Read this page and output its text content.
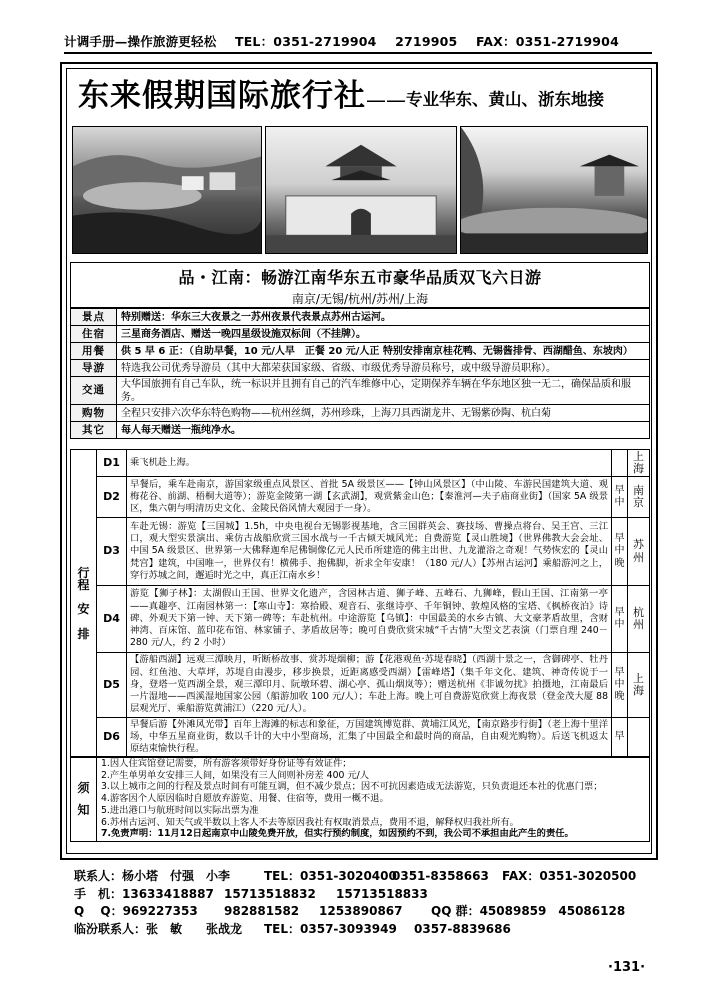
计调手册—操作旅游更轻松 TEL：0351-2719904 2719905 FAX：0351-2719904
东来假期国际旅行社——专业华东、黄山、浙东地接
品・江南：畅游江南华东五市豪华品质双飞六日游
南京/无锡/杭州/苏州/上海
景点	特别赠送：华东三大夜景之一苏州夜景代表景点苏州古运河。
住宿	三星商务酒店、赠送一晚四星级设施双标间（不挂牌）。
用餐	供 5 早 6 正：（自助早餐，10 元/人早　正餐 20 元/人正 特别安排南京桂花鸭、无锡酱排骨、西湖醋鱼、东坡肉）
导游	特选我公司优秀导游员（其中大都荣获国家级、省级、市级优秀导游员称号，或中级导游员职称）。
交通	大华国旅拥有自己车队，统一标识并且拥有自己的汽车维修中心，定期保养车辆在华东地区独一无二，确保品质和服务。
购物	全程只安排六次华东特色购物——杭州丝绸，苏州珍珠，上海刀具西湖龙井、无锡紫砂陶、杭白菊
其它	每人每天赠送一瓶纯净水。
行
程

安

排	D1	乘飞机赴上海。		上海
	D2	早餐后，乘车赴南京，游国家级重点风景区、首批 5A 级景区——【钟山风景区】（中山陵、车游民国建筑大道、观梅花谷、前湖、梧桐大道等）；游览金陵第一湖【玄武湖】，观赏紫金山色；【秦淮河—夫子庙商业街】（国家 5A 级景区，集六朝与明清历史文化、金陵民俗风情大观园于一身）。	早中	南京
	D3	车赴无锡：游览【三国城】1.5h，中央电视台无锡影视基地，含三国群英会、赛技场、曹操点将台、吴王宫、三江口，观大型实景演出、乘仿古战船欣赏三国水战与一千古倾天城风光；自费游览【灵山胜境】（世界佛教大会会址、中国 5A 级景区、世界第一大佛释迦牟尼佛铜像亿元人民币所建造的佛主出世、九龙灌浴之奇观！气势恢宏的【灵山梵宫】建筑，中国唯一，世界仅有！横佛手、抱佛脚，祈求全年安康！（180 元/人）【苏州古运河】乘船游河之上，穿行苏城之间，邂逅时光之中，真正江南水乡！	早中晚	苏州
	D4	游览【狮子林】：太湖假山王国、世界文化遗产，含园林古道、狮子峰、五峰石、九狮峰，假山王国、江南第一亭——真趣亭、江南园林第一：【寒山寺】：寒拾殿、观音石、张继诗亭、千年铜钟、敦煌风格的宝塔、《枫桥夜泊》诗碑、外观天下第一钟、天下第一碑等；车赴杭州。中途游览【乌镇】：中国最美的水乡古镇、大文豪茅盾故里，含财神湾、百床馆、蓝印花布馆、林家铺子、茅盾故居等；晚可自费欣赏宋城“千古情”大型文艺表演（门票自理 240－280 元/人，约 2 小时）	早中	杭州
	D5	【游船西湖】远观三潭映月，听断桥故事、赏苏堤烟柳；游【花港观鱼·苏堤春晓】（西湖十景之一，含御碑亭、牡丹园、红鱼池、大草坪，苏堤自由漫步，移步换景，近距离感受西湖）【雷峰塔】（集千年文化、建筑、神奇传说于一身，登塔一览西湖全景，观三潭印月、阮墩环碧、湖心亭、孤山烟岚等）；赠送杭州《非诚勿扰》拍摄地，江南最后一片湿地——西溪湿地国家公园（船游加收 100 元/人）；车赴上海。晚上可自费游览欣赏上海夜景（登金茂大厦 88 层观光厅、乘船游览黄浦江）（220 元/人）。	早中晚	上海
	D6	早餐后游【外滩风光带】百年上海滩的标志和象征，万国建筑博览群、黄埔江风光，【南京路步行街】（老上海十里洋场，中华五星商业街，数以千计的大中小型商场，汇集了中国最全和最时尚的商品，自由观光购物）。后送飞机返太原结束愉快行程。	早	
须
知	
1.因人住宾馆登记需要，所有游客须带好身份证等有效证件；
2.产生单男单女安排三人间，如果没有三人间则补房差 400 元/人
3.以上城市之间的行程及景点时间有可能互调，但不减少景点；因不可抗因素造成无法游览，只负责退还本社的优惠门票；
4.游客因个人原因临时自愿放弃游览、用餐、住宿等，费用一概不退。
5.进出港口与航班时间以实际出票为准
6.苏州古运河、知天气或半数以上客人不去等原因我社有权取消景点，费用不退，解释权归我社所有。
7.免责声明：11月12日起南京中山陵免费开放，但实行预约制度，如因预约不到，我公司不承担由此产生的责任。
联系人：杨小塔　付强　小李	TEL：0351-30204000351-8358663 FAX：0351-3020500
手　机：13633418887 15713518832 15713518833
Q　 Q：969227353 982881582 1253890867 QQ 群：45089859　45086128
临汾联系人：张　敏　　张战龙 TEL：0357-3093949 0357-8839686
·131·
